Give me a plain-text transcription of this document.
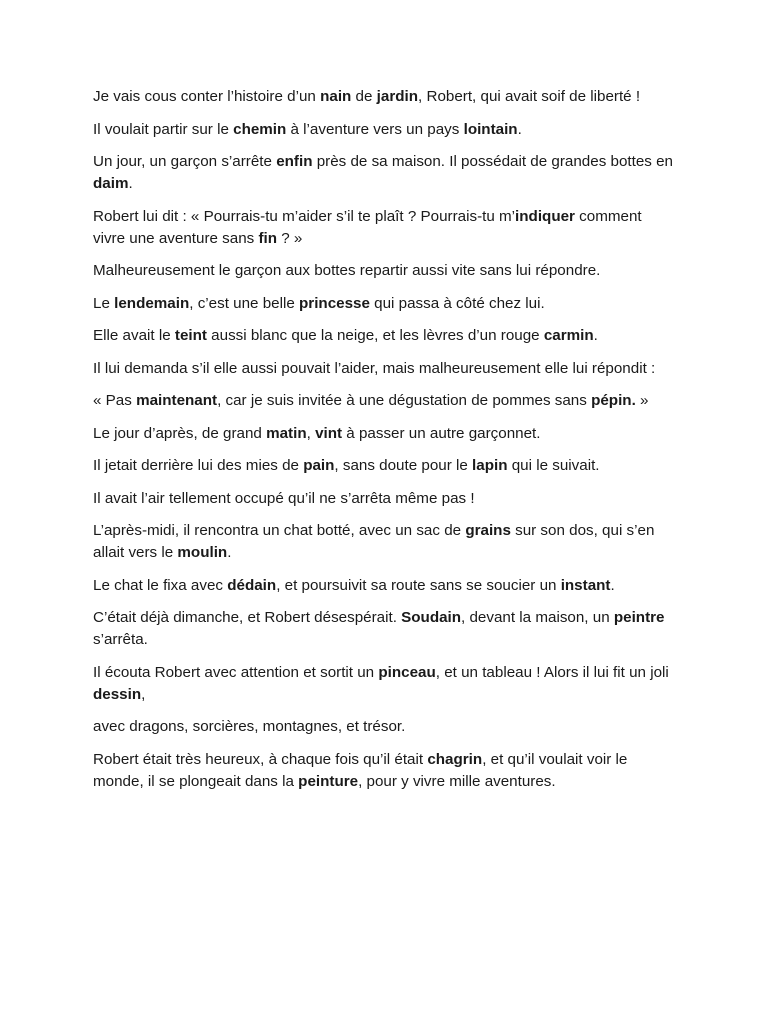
Je vais cous conter l’histoire d’un nain de jardin, Robert, qui avait soif de liberté !

Il voulait partir sur le chemin à l’aventure vers un pays lointain.

Un jour, un garçon s’arrête enfin près de sa maison. Il possédait de grandes bottes en daim.

Robert lui dit : « Pourrais-tu m’aider s’il te plaît ? Pourrais-tu m’indiquer comment vivre une aventure sans fin ? »

Malheureusement le garçon aux bottes repartir aussi vite sans lui répondre.

Le lendemain, c’est une belle princesse qui passa à côté chez lui.

Elle avait le teint aussi blanc que la neige, et les lèvres d’un rouge carmin.

Il lui demanda s’il elle aussi pouvait l’aider, mais malheureusement elle lui répondit :

« Pas maintenant, car je suis invitée à une dégustation de pommes sans pépin. »

Le jour d’après, de grand matin, vint à passer un autre garçonnet.

Il jetait derrière lui des mies de pain, sans doute pour le lapin qui le suivait.

Il avait l’air tellement occupé qu’il ne s’arrêta même pas !

L’après-midi, il rencontra un chat botté, avec un sac de grains sur son dos, qui s’en allait vers le moulin.

Le chat le fixa avec dédain, et poursuivit sa route sans se soucier un instant.

C’était déjà dimanche, et Robert désespérait. Soudain, devant la maison, un peintre s’arrêta.

Il écouta Robert avec attention et sortit un pinceau, et un tableau ! Alors il lui fit un joli dessin,

avec dragons, sorcières, montagnes, et trésor.

Robert était très heureux, à chaque fois qu’il était chagrin, et qu’il voulait voir le monde, il se plongeait dans la peinture, pour y vivre mille aventures.
